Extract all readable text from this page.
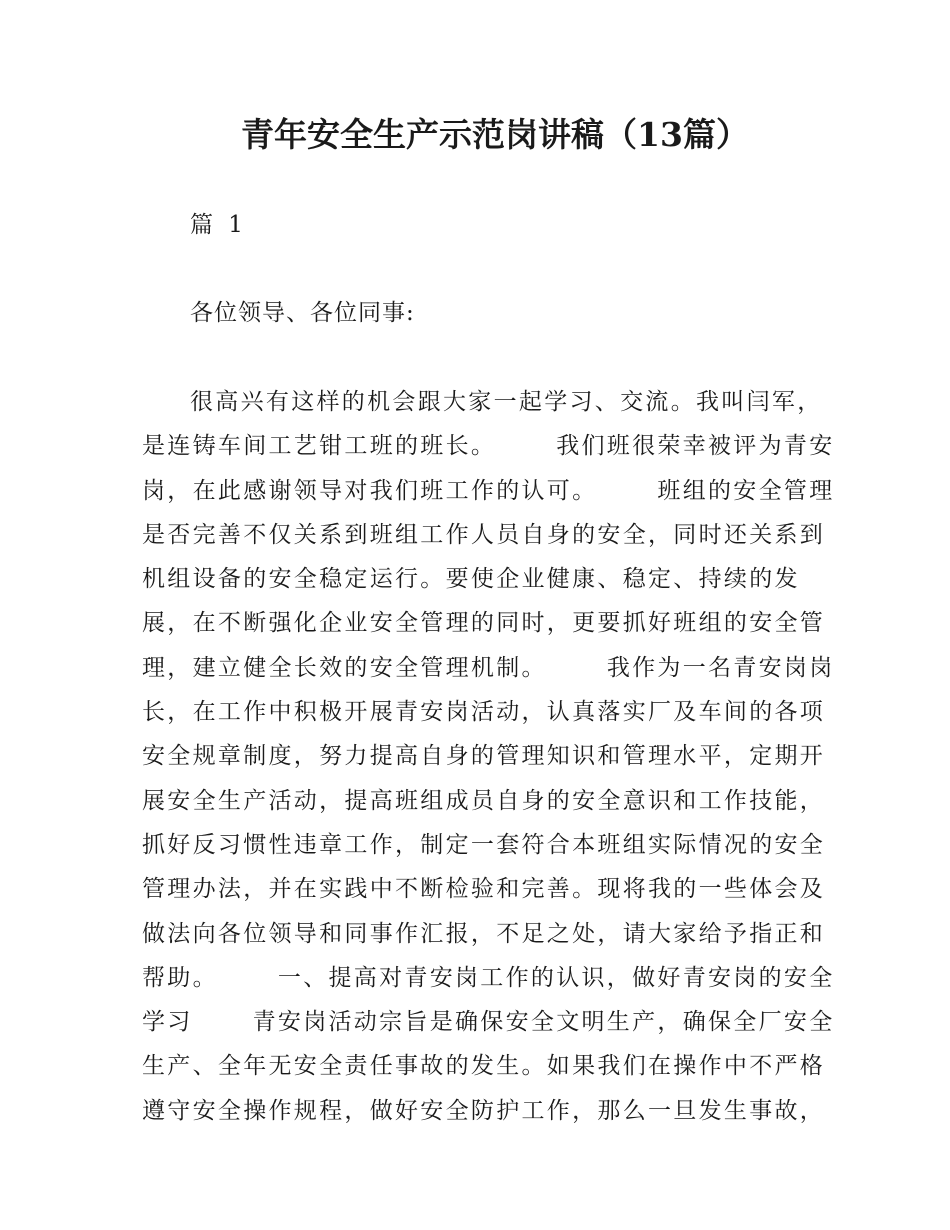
青年安全生产示范岗讲稿（13篇）
篇 1
各位领导、各位同事:
很高兴有这样的机会跟大家一起学习、交流。我叫闫军，
是连铸车间工艺钳工班的班长。	我们班很荣幸被评为青安
岗，在此感谢领导对我们班工作的认可。	班组的安全管理
是否完善不仅关系到班组工作人员自身的安全，同时还关系到
机组设备的安全稳定运行。要使企业健康、稳定、持续的发
展，在不断强化企业安全管理的同时，更要抓好班组的安全管
理，建立健全长效的安全管理机制。	我作为一名青安岗岗
长，在工作中积极开展青安岗活动，认真落实厂及车间的各项
安全规章制度，努力提高自身的管理知识和管理水平，定期开
展安全生产活动，提高班组成员自身的安全意识和工作技能，
抓好反习惯性违章工作，制定一套符合本班组实际情况的安全
管理办法，并在实践中不断检验和完善。现将我的一些体会及
做法向各位领导和同事作汇报，不足之处，请大家给予指正和
帮助。	一、提高对青安岗工作的认识，做好青安岗的安全
学习	青安岗活动宗旨是确保安全文明生产，确保全厂安全
生产、全年无安全责任事故的发生。如果我们在操作中不严格
遵守安全操作规程，做好安全防护工作，那么一旦发生事故，
